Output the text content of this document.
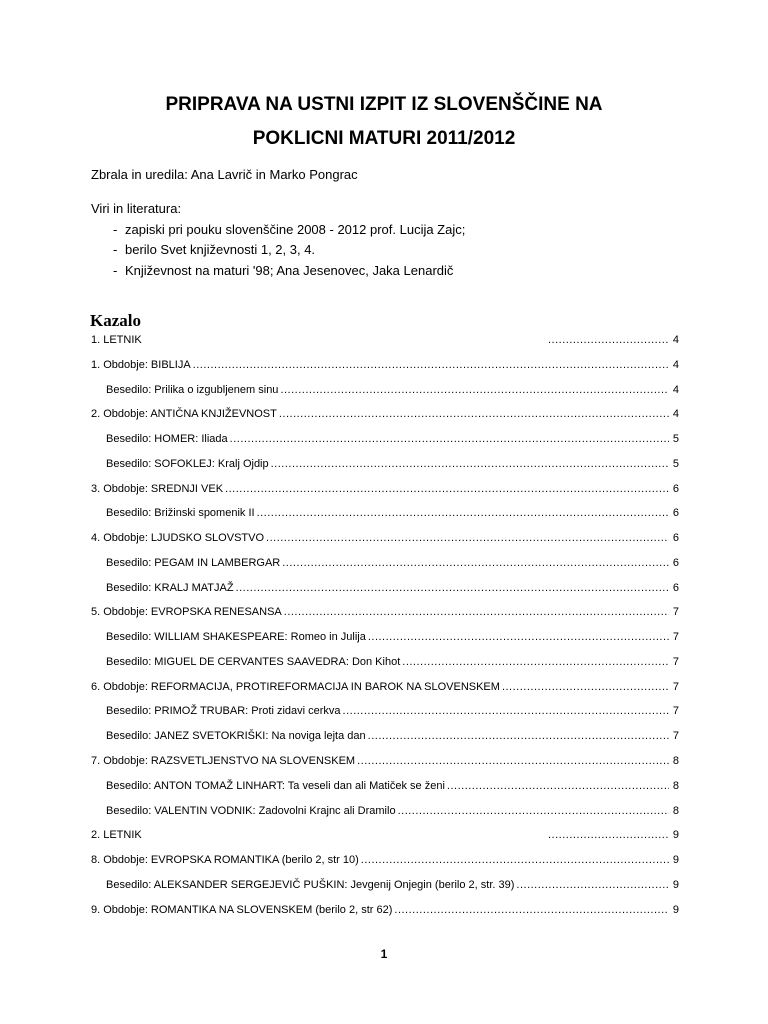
PRIPRAVA NA USTNI IZPIT IZ SLOVENŠČINE NA
POKLICNI MATURI 2011/2012
Zbrala in uredila: Ana Lavrič in Marko Pongrac
Viri in literatura:
- zapiski pri pouku slovenščine 2008 - 2012 prof. Lucija Zajc;
- berilo Svet književnosti 1, 2, 3, 4.
- Književnost na maturi '98; Ana Jesenovec, Jaka Lenardič
Kazalo
1. LETNIK .....	4
1. Obdobje: BIBLIJA .....	4
Besedilo: Prilika o izgubljenem sinu .....	4
2. Obdobje: ANTIČNA KNJIŽEVNOST .....	4
Besedilo: HOMER: Iliada .....	5
Besedilo: SOFOKLEJ: Kralj Ojdip .....	5
3. Obdobje: SREDNJI VEK .....	6
Besedilo: Brižinski spomenik II .....	6
4. Obdobje: LJUDSKO SLOVSTVO .....	6
Besedilo: PEGAM IN LAMBERGAR .....	6
Besedilo: KRALJ MATJAŽ .....	6
5. Obdobje: EVROPSKA RENESANSA .....	7
Besedilo: WILLIAM SHAKESPEARE: Romeo in Julija .....	7
Besedilo: MIGUEL DE CERVANTES SAAVEDRA: Don Kihot .....	7
6. Obdobje: REFORMACIJA, PROTIREFORMACIJA IN BAROK NA SLOVENSKEM .....	7
Besedilo: PRIMOŽ TRUBAR: Proti zidavi cerkva .....	7
Besedilo: JANEZ SVETOKRIŠKI: Na noviga lejta dan .....	7
7. Obdobje: RAZSVETLJENSTVO NA SLOVENSKEM .....	8
Besedilo: ANTON TOMAŽ LINHART: Ta veseli dan ali Matiček se ženi .....	8
Besedilo: VALENTIN VODNIK: Zadovolni Krajnc ali Dramilo .....	8
2. LETNIK .....	9
8. Obdobje: EVROPSKA ROMANTIKA (berilo 2, str 10) .....	9
Besedilo: ALEKSANDER SERGEJEVIČ PUŠKIN: Jevgenij Onjegin (berilo 2, str. 39) .....	9
9. Obdobje: ROMANTIKA NA SLOVENSKEM (berilo 2, str 62) .....	9
1
